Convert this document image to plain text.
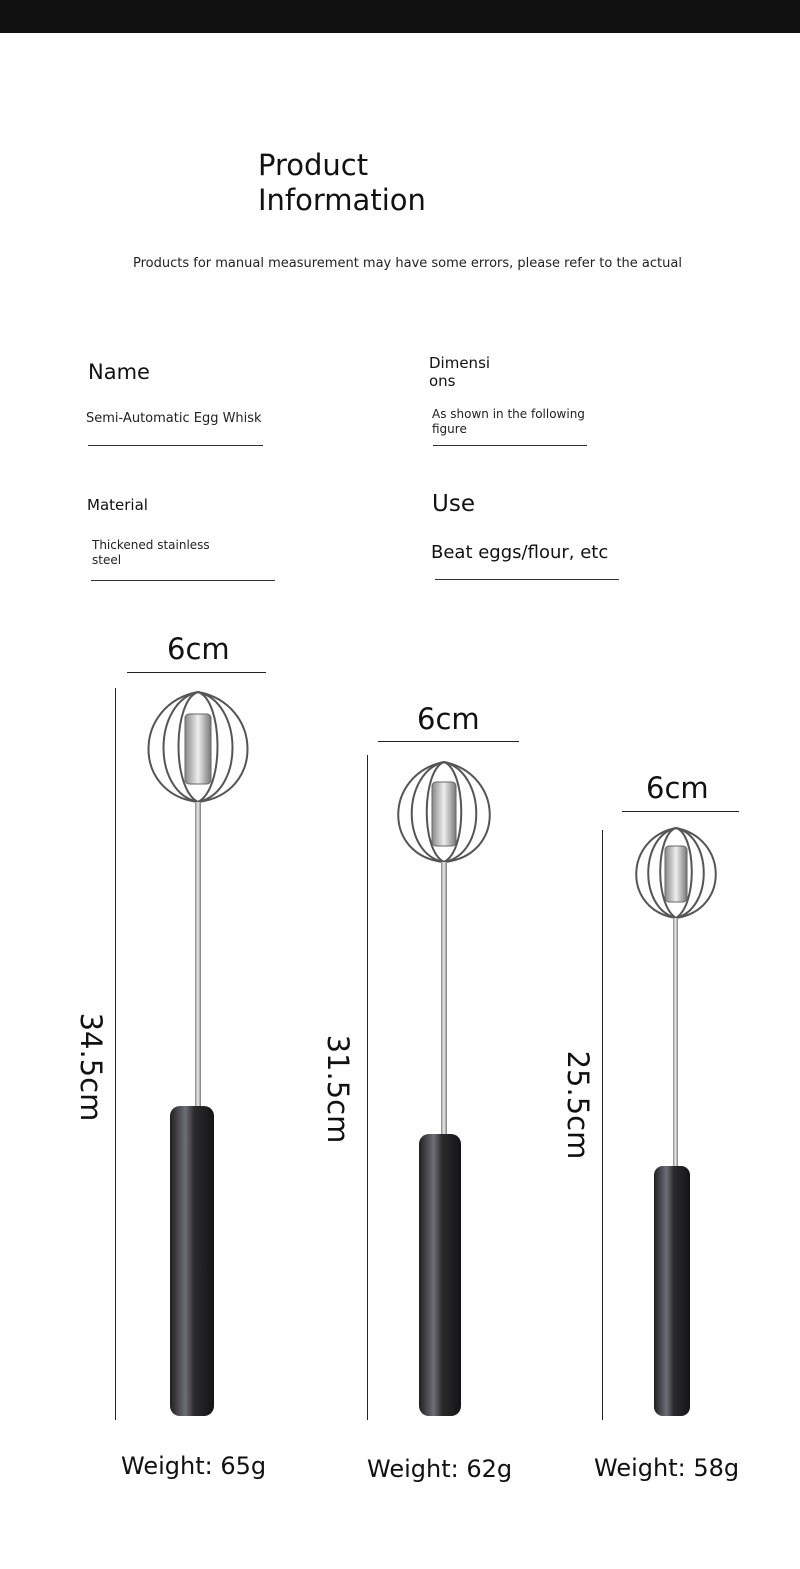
Product
Information
Products for manual measurement may have some errors, please refer to the actual
Name
Semi-Automatic Egg Whisk
Dimensi
ons
As shown in the following
figure
Material
Thickened stainless
steel
Use
Beat eggs/flour, etc
6cm
34.5cm
Weight: 65g
6cm
31.5cm
Weight: 62g
6cm
25.5cm
Weight: 58g
